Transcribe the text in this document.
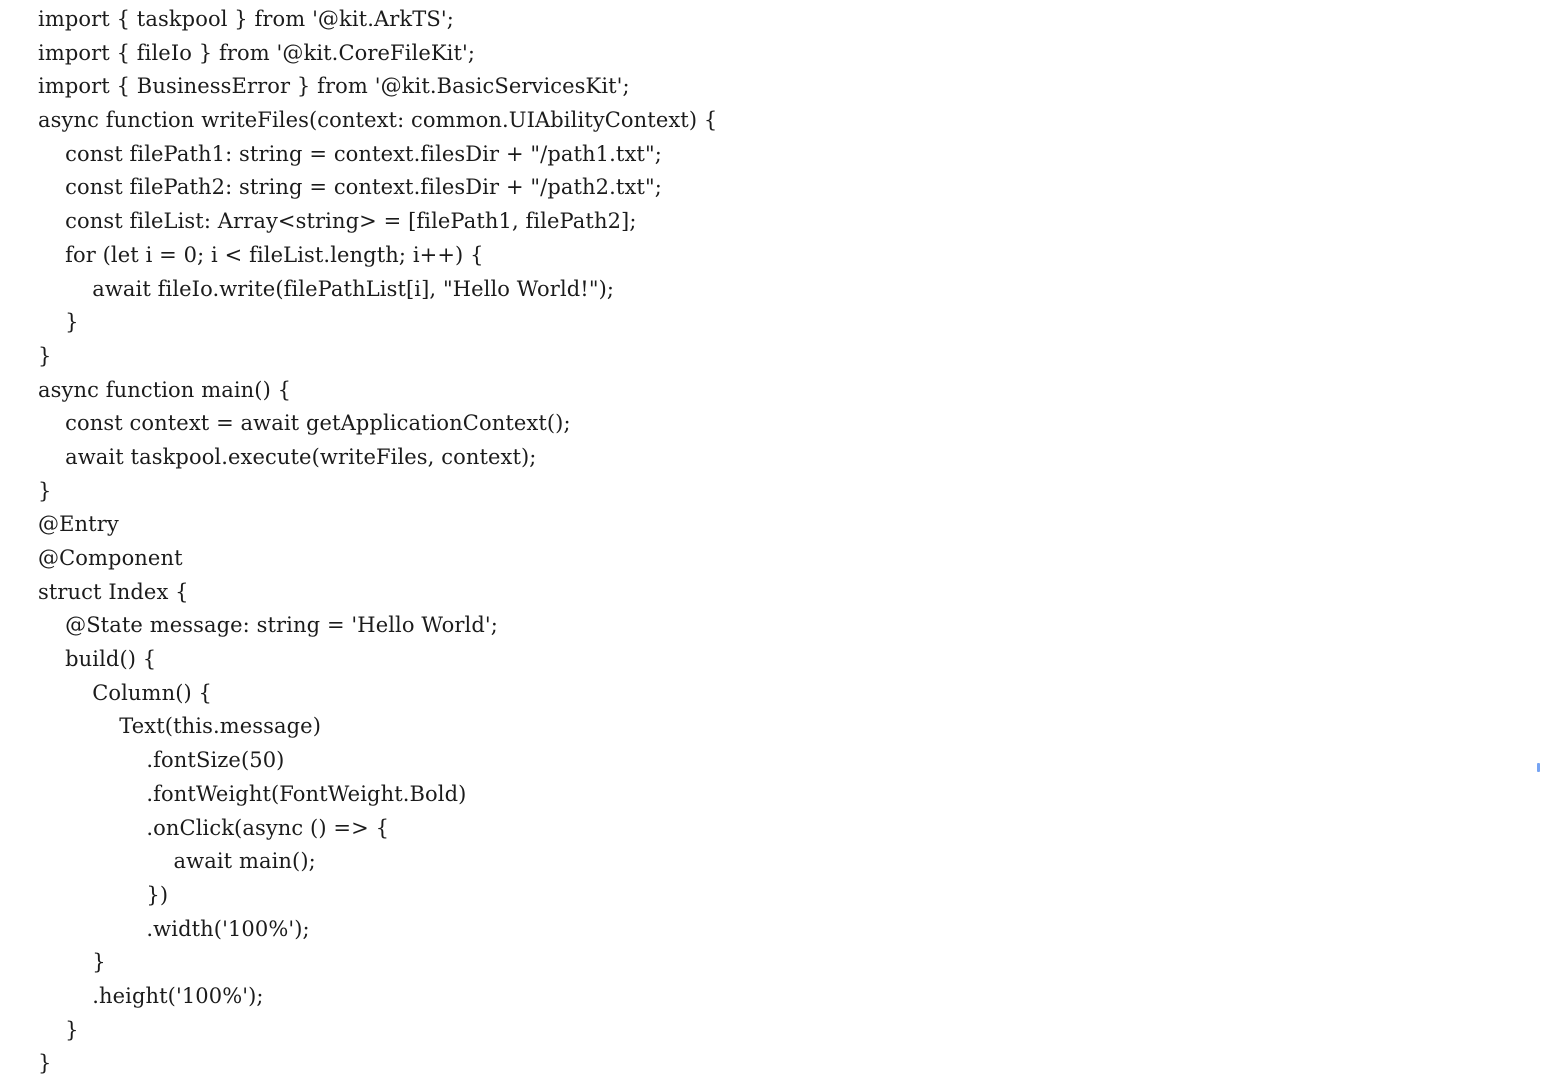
import { taskpool } from '@kit.ArkTS';
import { fileIo } from '@kit.CoreFileKit';
import { BusinessError } from '@kit.BasicServicesKit';
async function writeFiles(context: common.UIAbilityContext) {
const filePath1: string = context.filesDir + "/path1.txt";
const filePath2: string = context.filesDir + "/path2.txt";
const fileList: Array<string> = [filePath1, filePath2];
for (let i = 0; i < fileList.length; i++) {
await fileIo.write(filePathList[i], "Hello World!");
}
}
async function main() {
const context = await getApplicationContext();
await taskpool.execute(writeFiles, context);
}
@Entry
@Component
struct Index {
@State message: string = 'Hello World';
build() {
Column() {
Text(this.message)
.fontSize(50)
.fontWeight(FontWeight.Bold)
.onClick(async () => {
await main();
})
.width('100%');
}
.height('100%');
}
}
